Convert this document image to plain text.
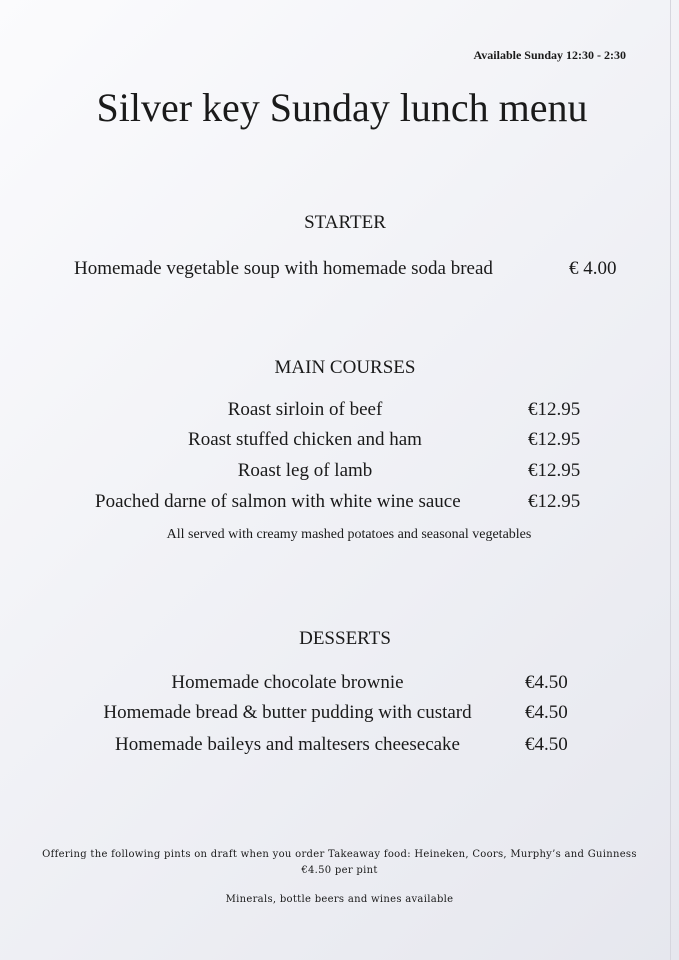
Available Sunday 12:30 - 2:30
Silver key Sunday lunch menu
STARTER
Homemade vegetable soup with homemade soda bread	€ 4.00
MAIN COURSES
Roast sirloin of beef	€12.95
Roast stuffed chicken and ham	€12.95
Roast leg of lamb	€12.95
Poached darne of salmon with white wine sauce	€12.95
All served with creamy mashed potatoes and seasonal vegetables
DESSERTS
Homemade chocolate brownie	€4.50
Homemade bread & butter pudding with custard	€4.50
Homemade baileys and maltesers cheesecake	€4.50
Offering the following pints on draft when you order Takeaway food: Heineken, Coors, Murphy’s and Guinness
€4.50 per pint
Minerals, bottle beers and wines available
